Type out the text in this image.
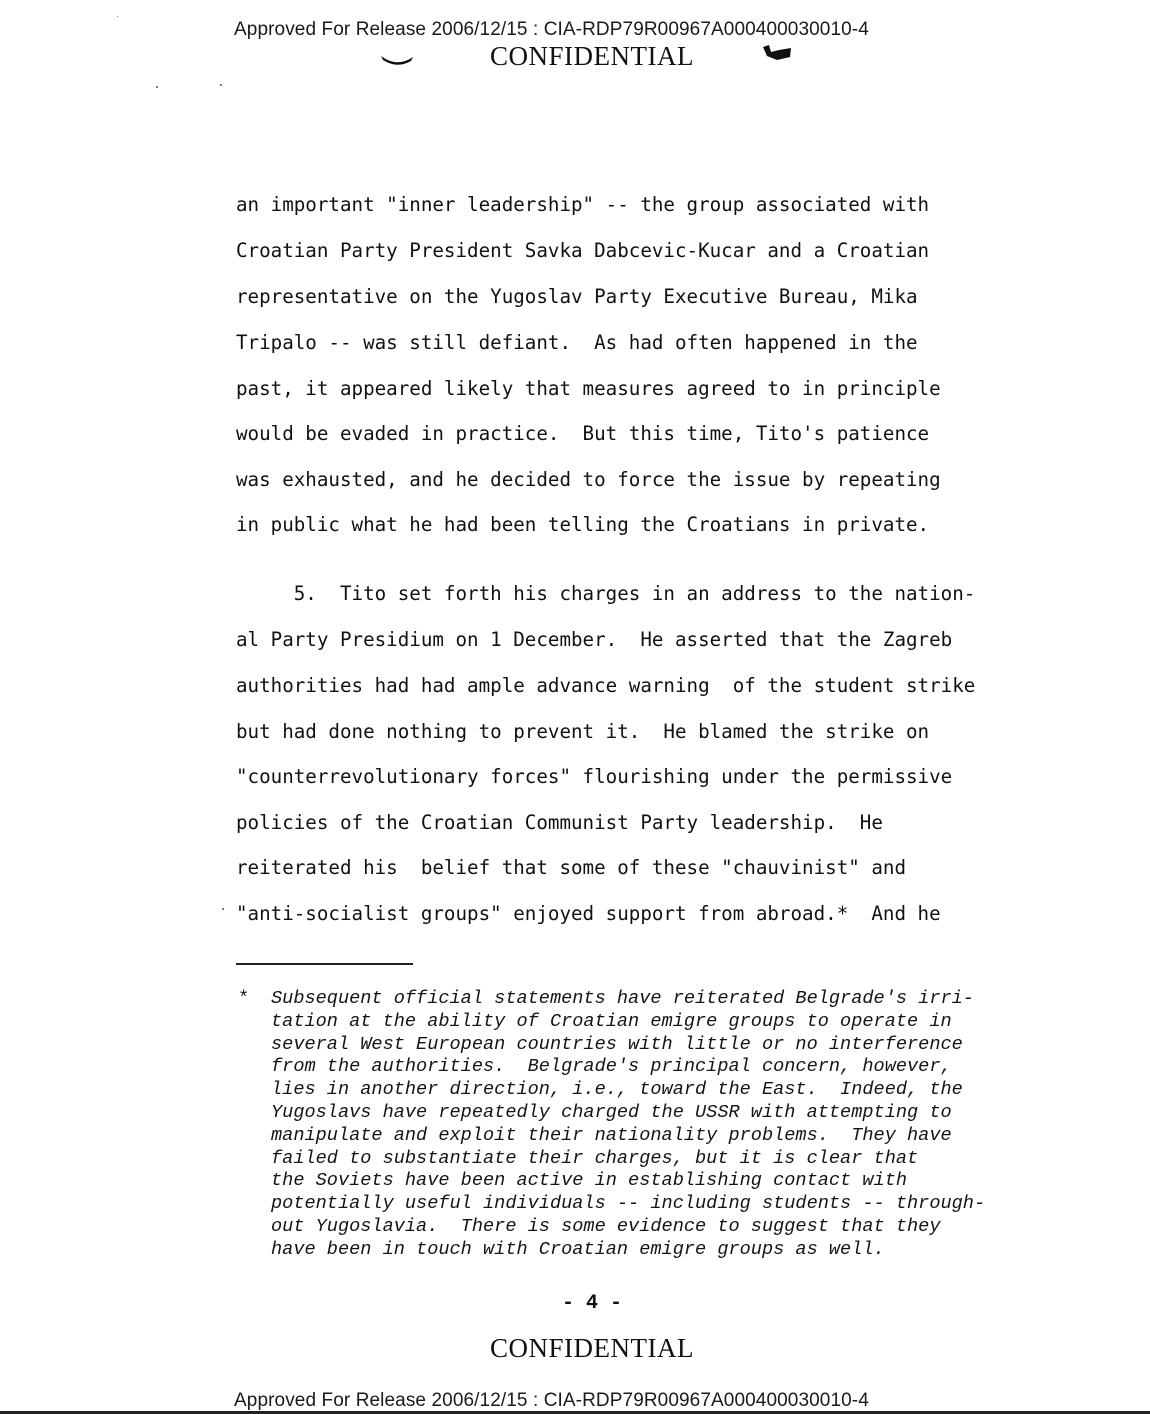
Approved For Release 2006/12/15 : CIA-RDP79R00967A000400030010-4
CONFIDENTIAL
an important "inner leadership" -- the group associated with
Croatian Party President Savka Dabcevic-Kucar and a Croatian
representative on the Yugoslav Party Executive Bureau, Mika
Tripalo -- was still defiant.  As had often happened in the
past, it appeared likely that measures agreed to in principle
would be evaded in practice.  But this time, Tito's patience
was exhausted, and he decided to force the issue by repeating
in public what he had been telling the Croatians in private.
5.  Tito set forth his charges in an address to the nation-
al Party Presidium on 1 December.  He asserted that the Zagreb
authorities had had ample advance warning  of the student strike
but had done nothing to prevent it.  He blamed the strike on
"counterrevolutionary forces" flourishing under the permissive
policies of the Croatian Communist Party leadership.  He
reiterated his  belief that some of these "chauvinist" and
"anti-socialist groups" enjoyed support from abroad.*  And he
* Subsequent official statements have reiterated Belgrade's irri-
tation at the ability of Croatian emigre groups to operate in
several West European countries with little or no interference
from the authorities.  Belgrade's principal concern, however,
lies in another direction, i.e., toward the East.  Indeed, the
Yugoslavs have repeatedly charged the USSR with attempting to
manipulate and exploit their nationality problems.  They have
failed to substantiate their charges, but it is clear that
the Soviets have been active in establishing contact with
potentially useful individuals -- including students -- through-
out Yugoslavia.  There is some evidence to suggest that they
have been in touch with Croatian emigre groups as well.
- 4 -
CONFIDENTIAL
Approved For Release 2006/12/15 : CIA-RDP79R00967A000400030010-4
